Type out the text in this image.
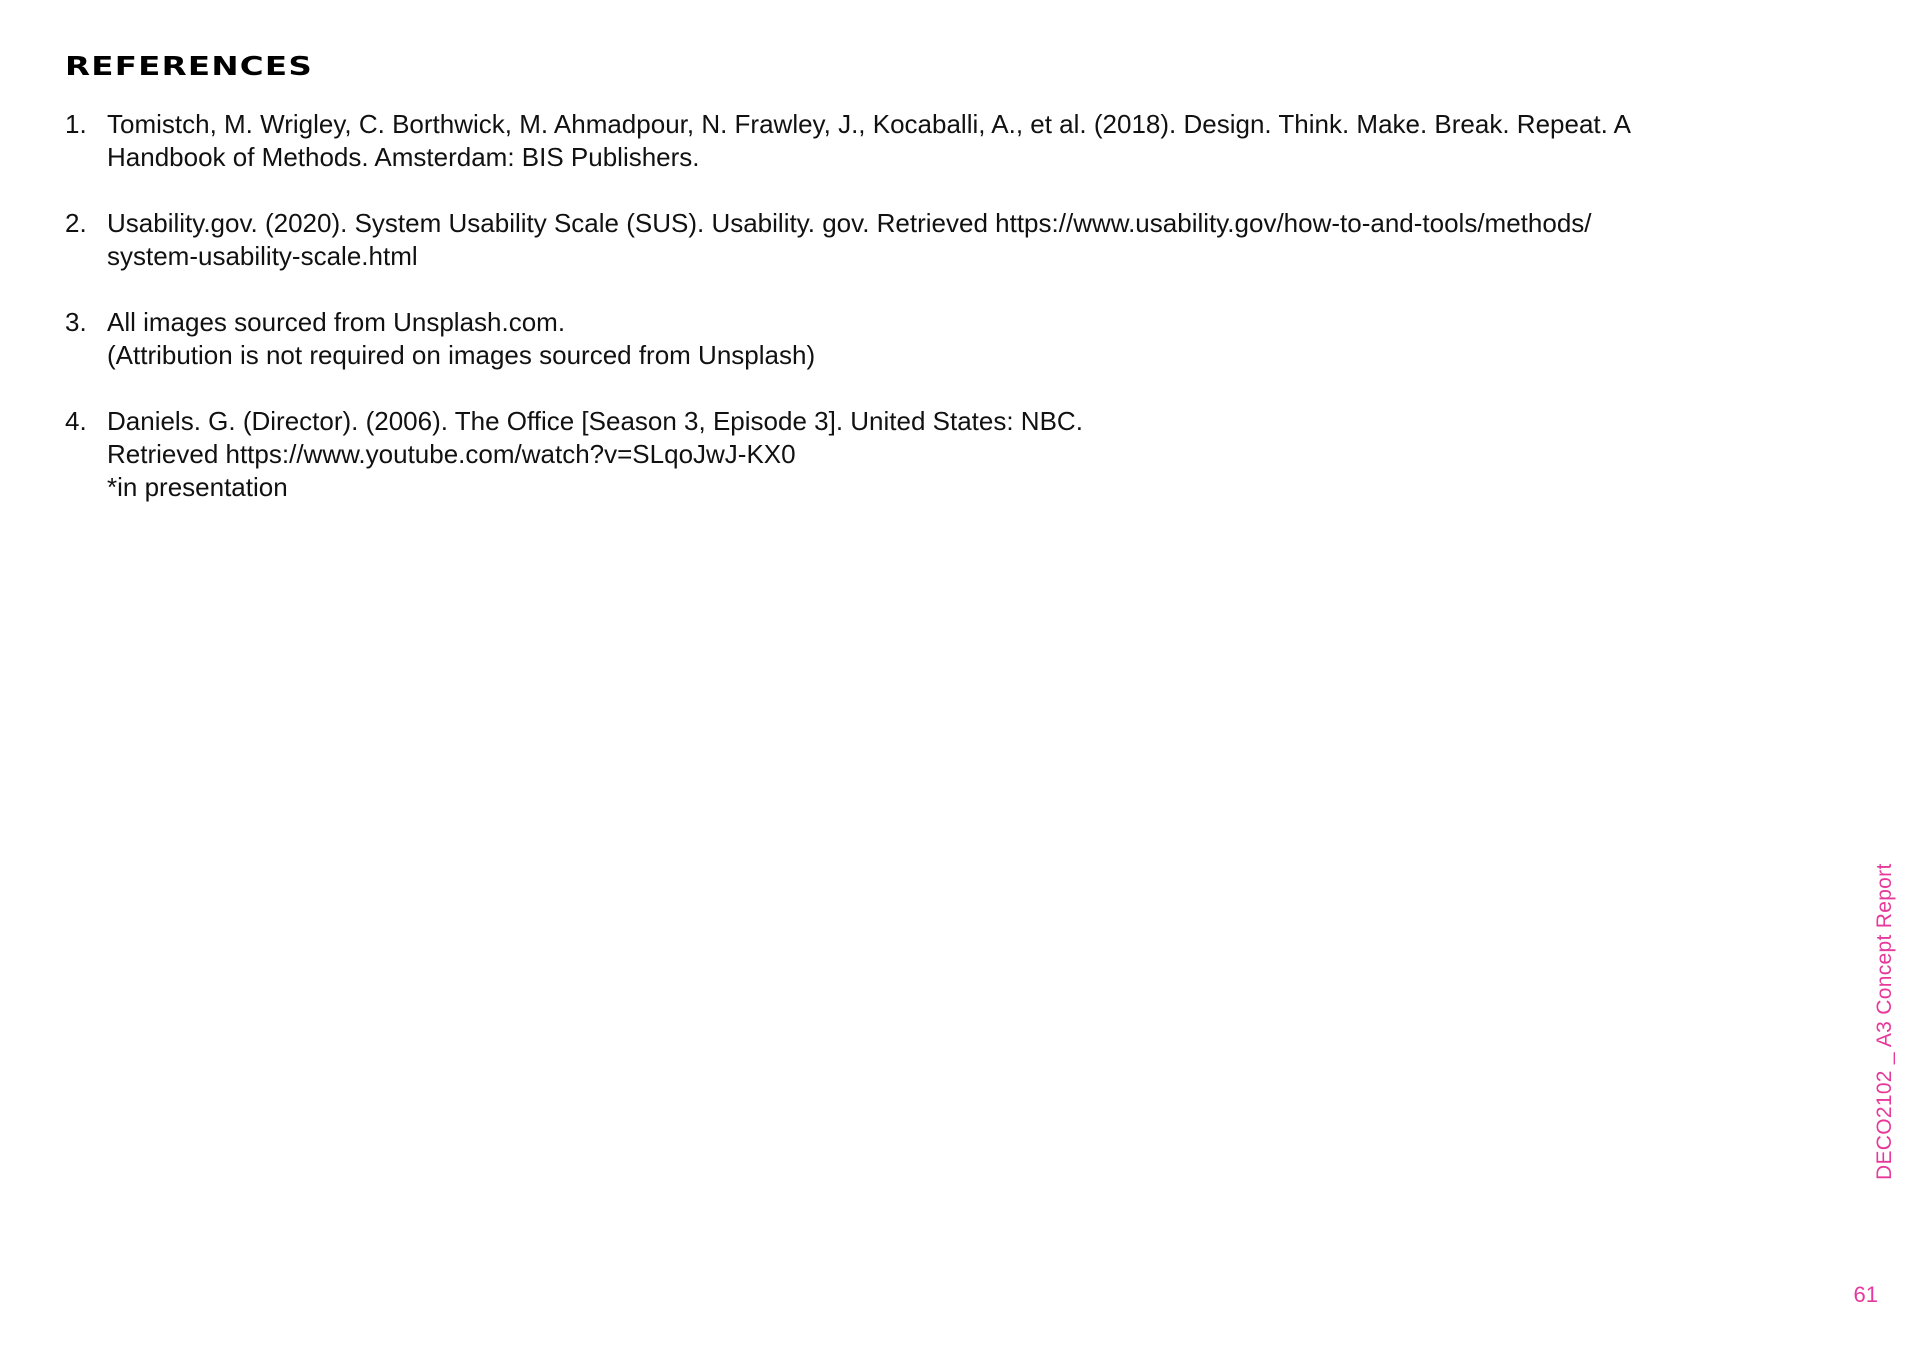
REFERENCES
1. Tomistch, M. Wrigley, C. Borthwick, M. Ahmadpour, N. Frawley, J., Kocaballi, A., et al. (2018). Design. Think. Make. Break. Repeat. A
Handbook of Methods. Amsterdam: BIS Publishers.
2. Usability.gov. (2020). System Usability Scale (SUS). Usability. gov. Retrieved https://www.usability.gov/how-to-and-tools/methods/
system-usability-scale.html
3. All images sourced from Unsplash.com.
(Attribution is not required on images sourced from Unsplash)
4. Daniels. G. (Director). (2006). The Office [Season 3, Episode 3]. United States: NBC.
Retrieved https://www.youtube.com/watch?v=SLqoJwJ-KX0
*in presentation
DECO2102 _ A3 Concept Report
61
